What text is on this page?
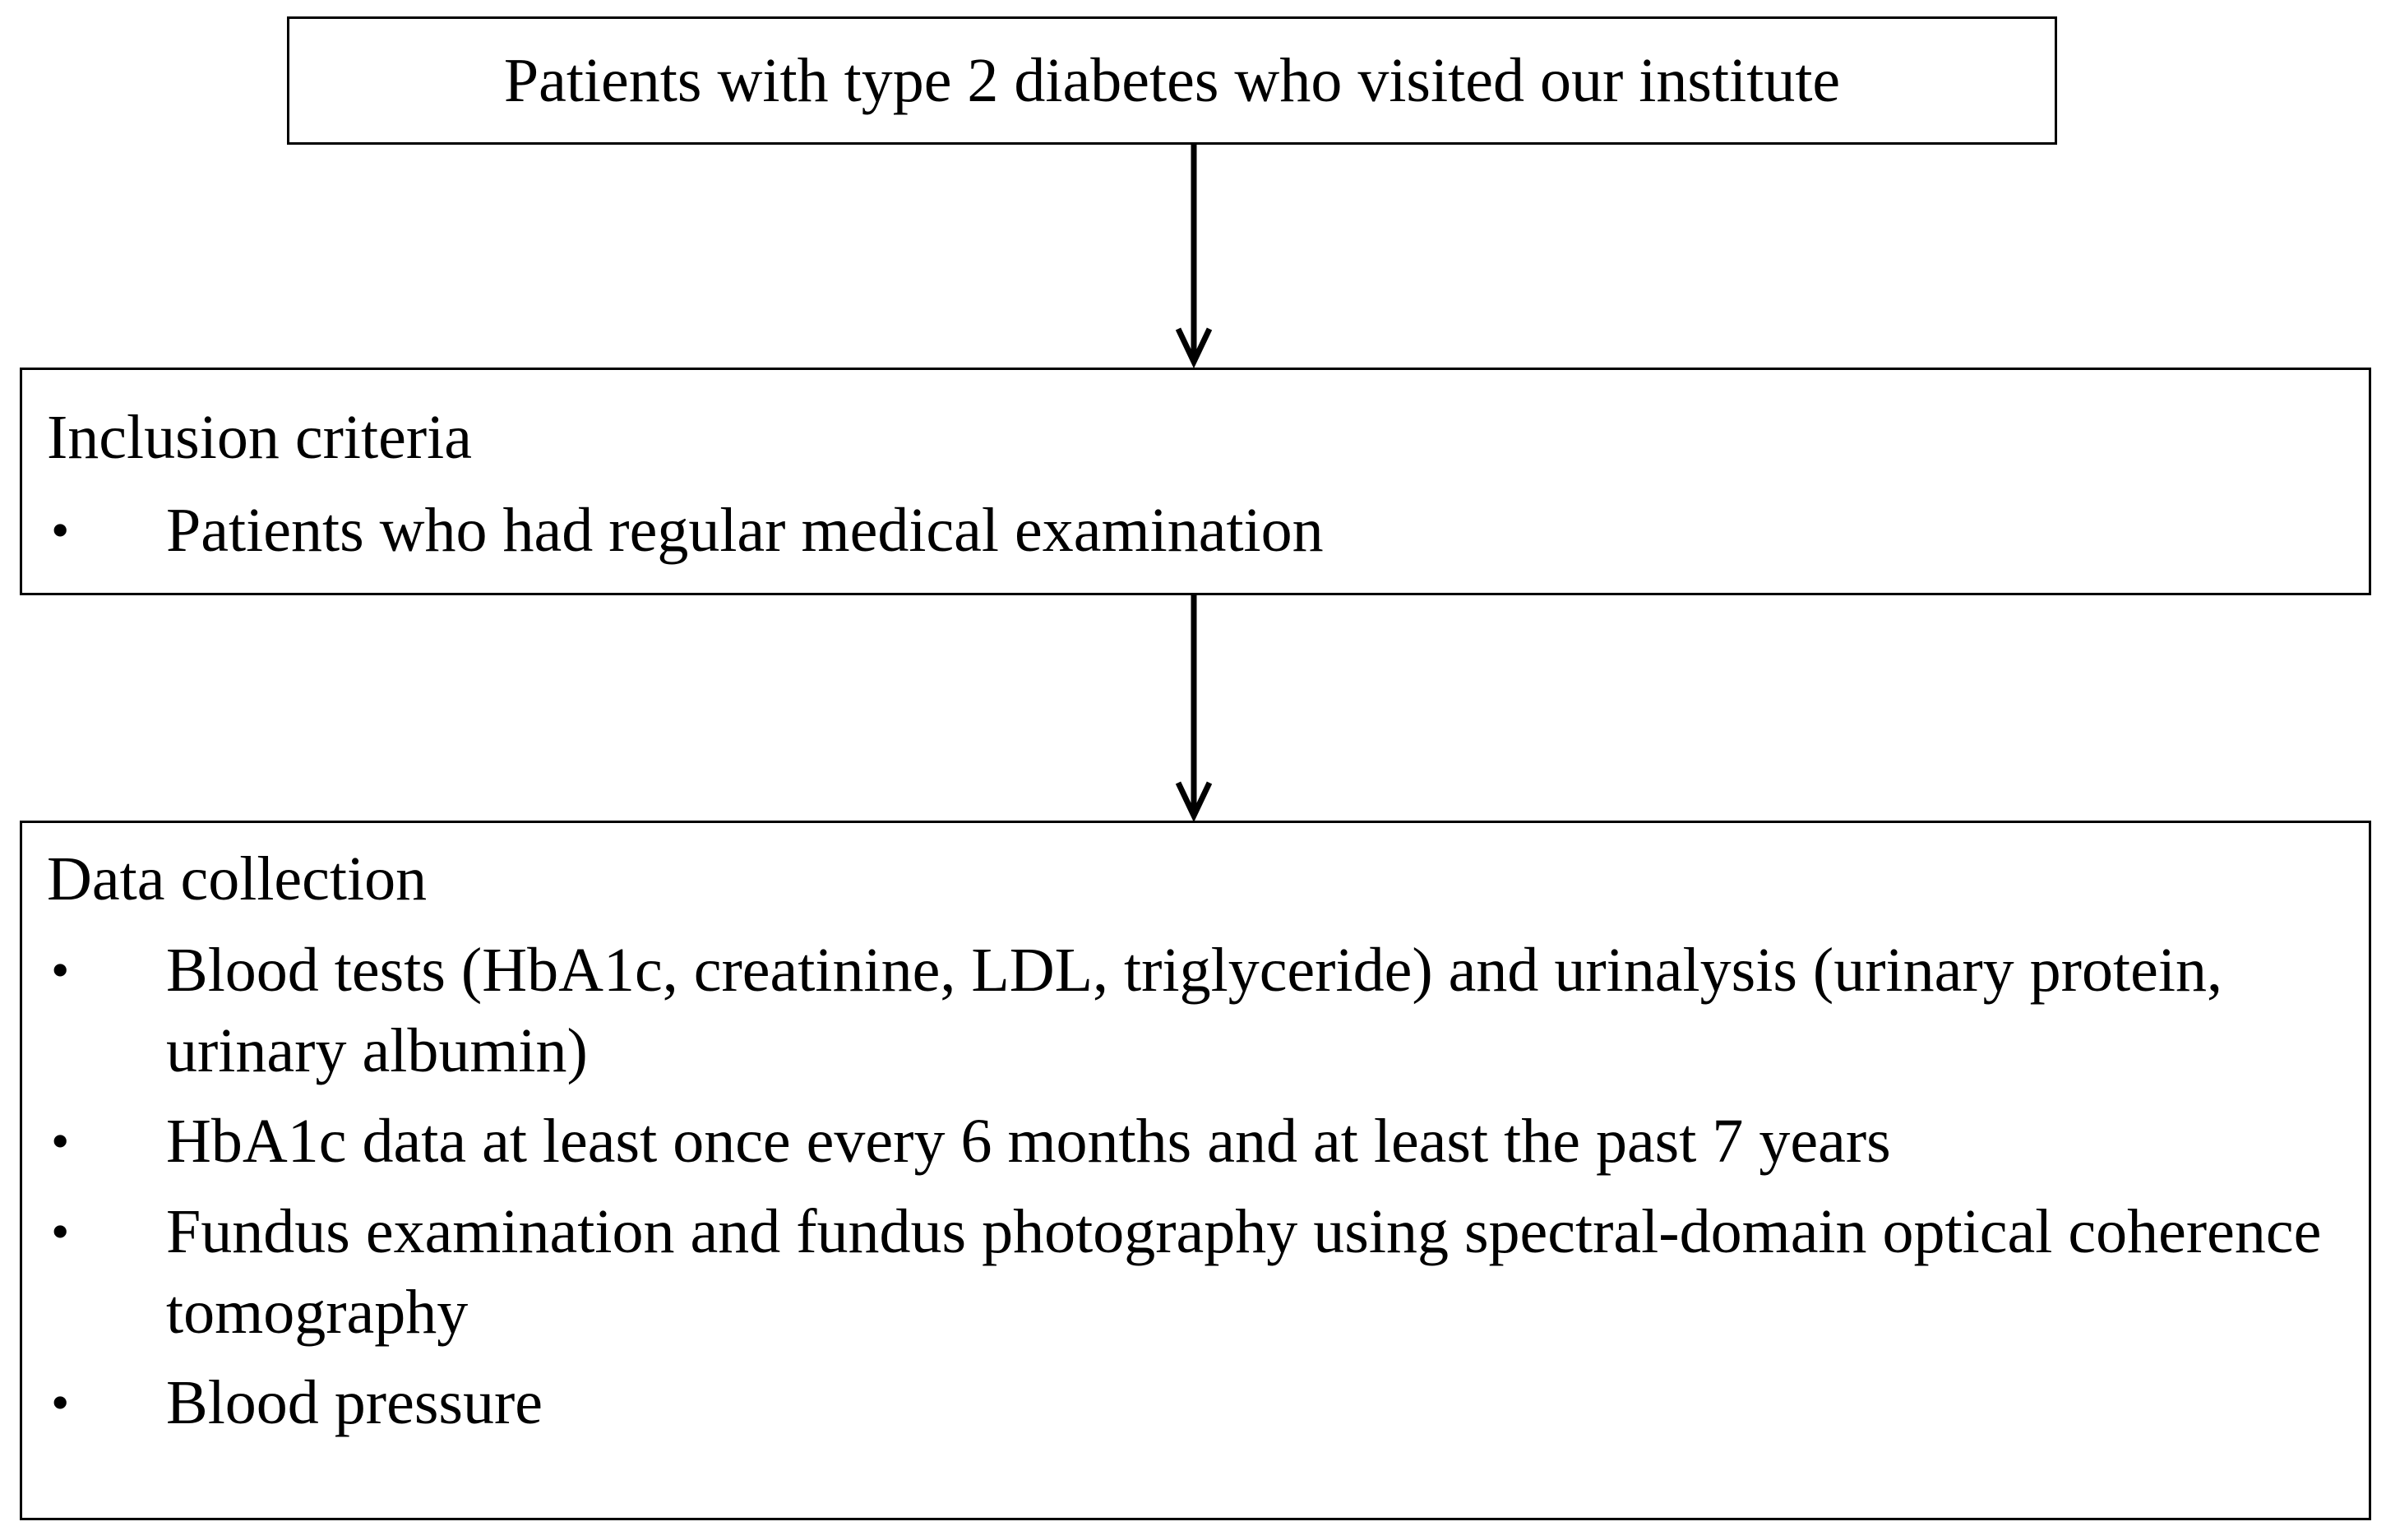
Patients with type 2 diabetes who visited our institute
Inclusion criteria
• Patients who had regular medical examination
Data collection
• Blood tests (HbA1c, creatinine, LDL, triglyceride) and urinalysis (urinary protein, urinary albumin)
• HbA1c data at least once every 6 months and at least the past 7 years
• Fundus examination and fundus photography using spectral-domain optical coherence tomography
• Blood pressure
